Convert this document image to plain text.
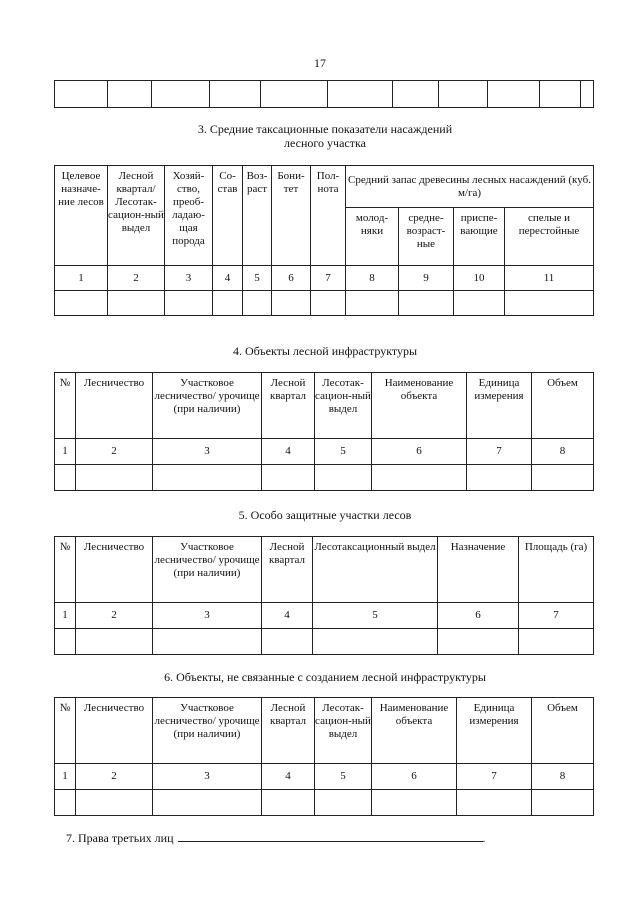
17

3. Средние таксационные показатели насаждений
лесного участка
Целевое назначе-ние лесов	Лесной квартал/ Лесотак-сацион-ный выдел	Хозяй-ство, преоб-ладаю-щая порода	Со-став	Воз-раст	Бони-тет	Пол-нота	Средний запас древесины лесных насаждений (куб. м/га)			
							молод-няки	средне-возраст-ные	приспе-вающие	спелые и перестойные
1	2	3	4	5	6	7	8	9	10	11

4. Объекты лесной инфраструктуры
№	Лесничество	Участковое лесничество/ урочище (при наличии)	Лесной квартал	Лесотак-сацион-ный выдел	Наименование объекта	Единица измерения	Объем
1	2	3	4	5	6	7	8

5. Особо защитные участки лесов
№	Лесничество	Участковое лесничество/ урочище (при наличии)	Лесной квартал	Лесотаксационный выдел	Назначение	Площадь (га)
1	2	3	4	5	6	7

6. Объекты, не связанные с созданием лесной инфраструктуры
№	Лесничество	Участковое лесничество/ урочище (при наличии)	Лесной квартал	Лесотак-сацион-ный выдел	Наименование объекта	Единица измерения	Объем
1	2	3	4	5	6	7	8

7. Права третьих лиц	.
